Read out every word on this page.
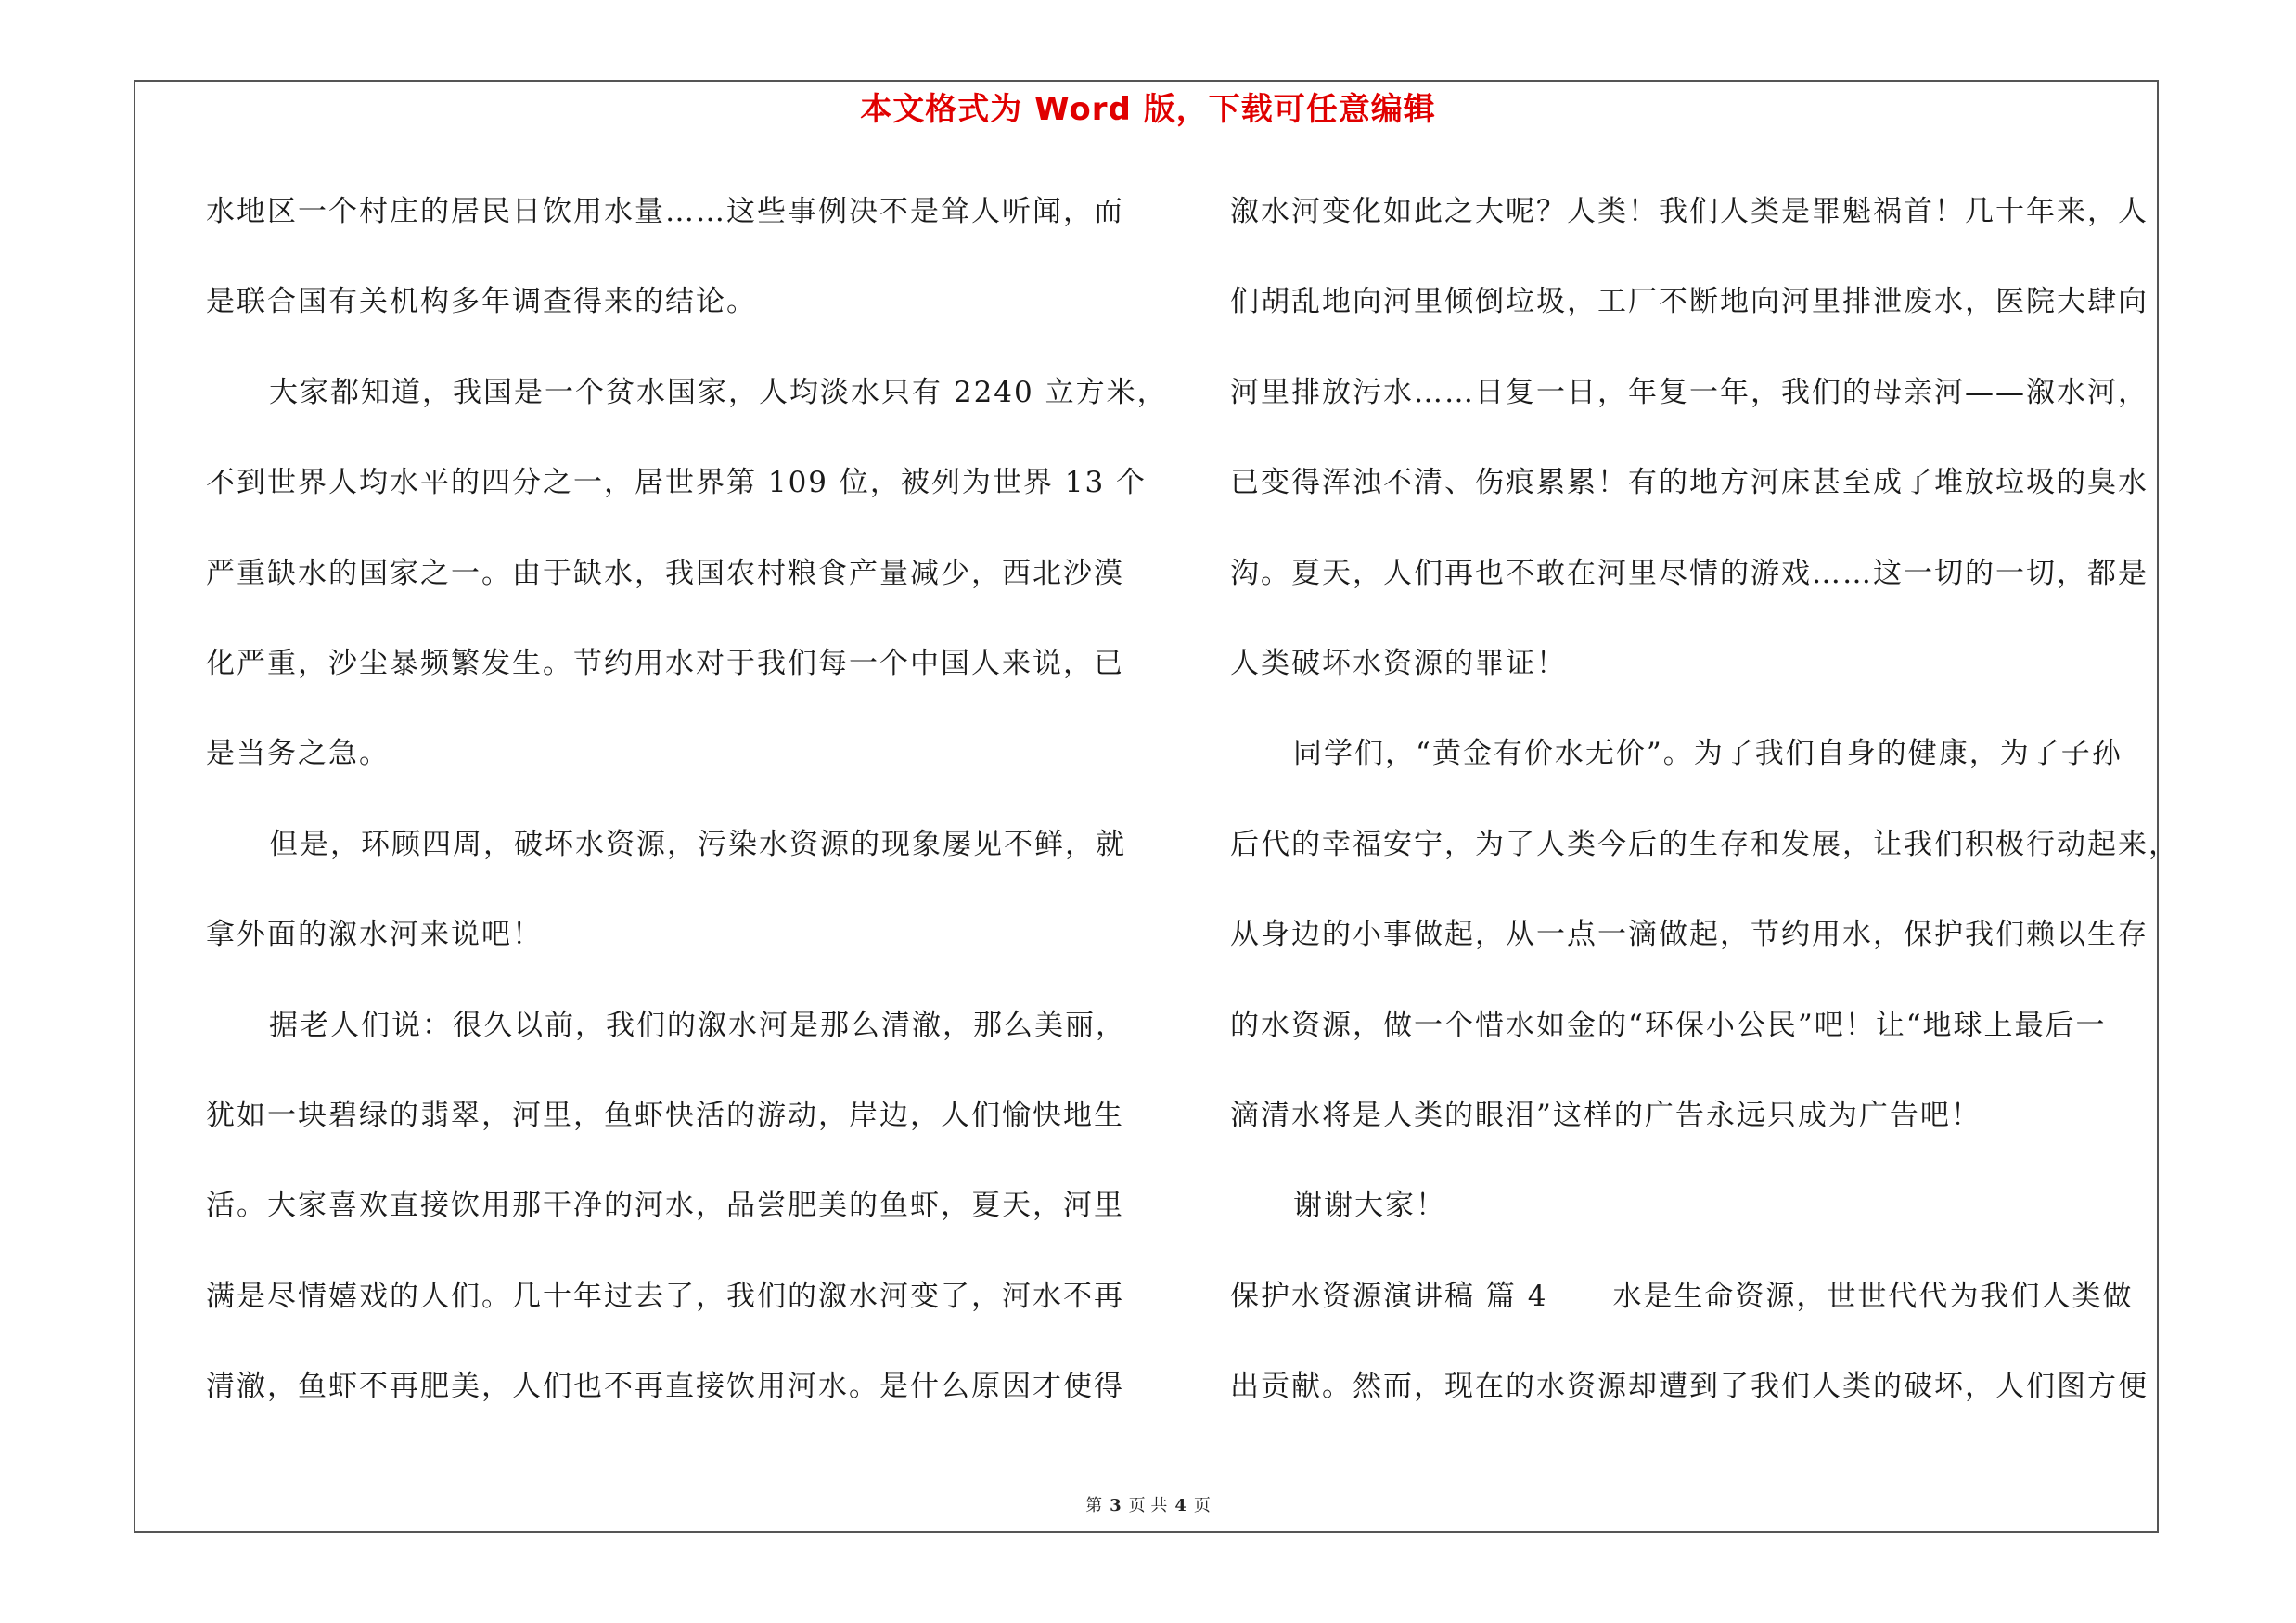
本文格式为 Word 版，下载可任意编辑
水地区一个村庄的居民日饮用水量……这些事例决不是耸人听闻，而
是联合国有关机构多年调查得来的结论。
大家都知道，我国是一个贫水国家，人均淡水只有 2240 立方米，
不到世界人均水平的四分之一，居世界第 109 位，被列为世界 13 个
严重缺水的国家之一。由于缺水，我国农村粮食产量减少，西北沙漠
化严重，沙尘暴频繁发生。节约用水对于我们每一个中国人来说，已
是当务之急。
但是，环顾四周，破坏水资源，污染水资源的现象屡见不鲜，就
拿外面的溆水河来说吧！
据老人们说：很久以前，我们的溆水河是那么清澈，那么美丽，
犹如一块碧绿的翡翠，河里，鱼虾快活的游动，岸边，人们愉快地生
活。大家喜欢直接饮用那干净的河水，品尝肥美的鱼虾，夏天，河里
满是尽情嬉戏的人们。几十年过去了，我们的溆水河变了，河水不再
清澈，鱼虾不再肥美，人们也不再直接饮用河水。是什么原因才使得
溆水河变化如此之大呢？人类！我们人类是罪魁祸首！几十年来，人
们胡乱地向河里倾倒垃圾，工厂不断地向河里排泄废水，医院大肆向
河里排放污水……日复一日，年复一年，我们的母亲河——溆水河，
已变得浑浊不清、伤痕累累！有的地方河床甚至成了堆放垃圾的臭水
沟。夏天，人们再也不敢在河里尽情的游戏……这一切的一切，都是
人类破坏水资源的罪证！
同学们，“黄金有价水无价”。为了我们自身的健康，为了子孙
后代的幸福安宁，为了人类今后的生存和发展，让我们积极行动起来，
从身边的小事做起，从一点一滴做起，节约用水，保护我们赖以生存
的水资源，做一个惜水如金的“环保小公民”吧！让“地球上最后一
滴清水将是人类的眼泪”这样的广告永远只成为广告吧！
谢谢大家！
保护水资源演讲稿 篇 4 水是生命资源，世世代代为我们人类做
出贡献。然而，现在的水资源却遭到了我们人类的破坏，人们图方便
第 3 页 共 4 页
